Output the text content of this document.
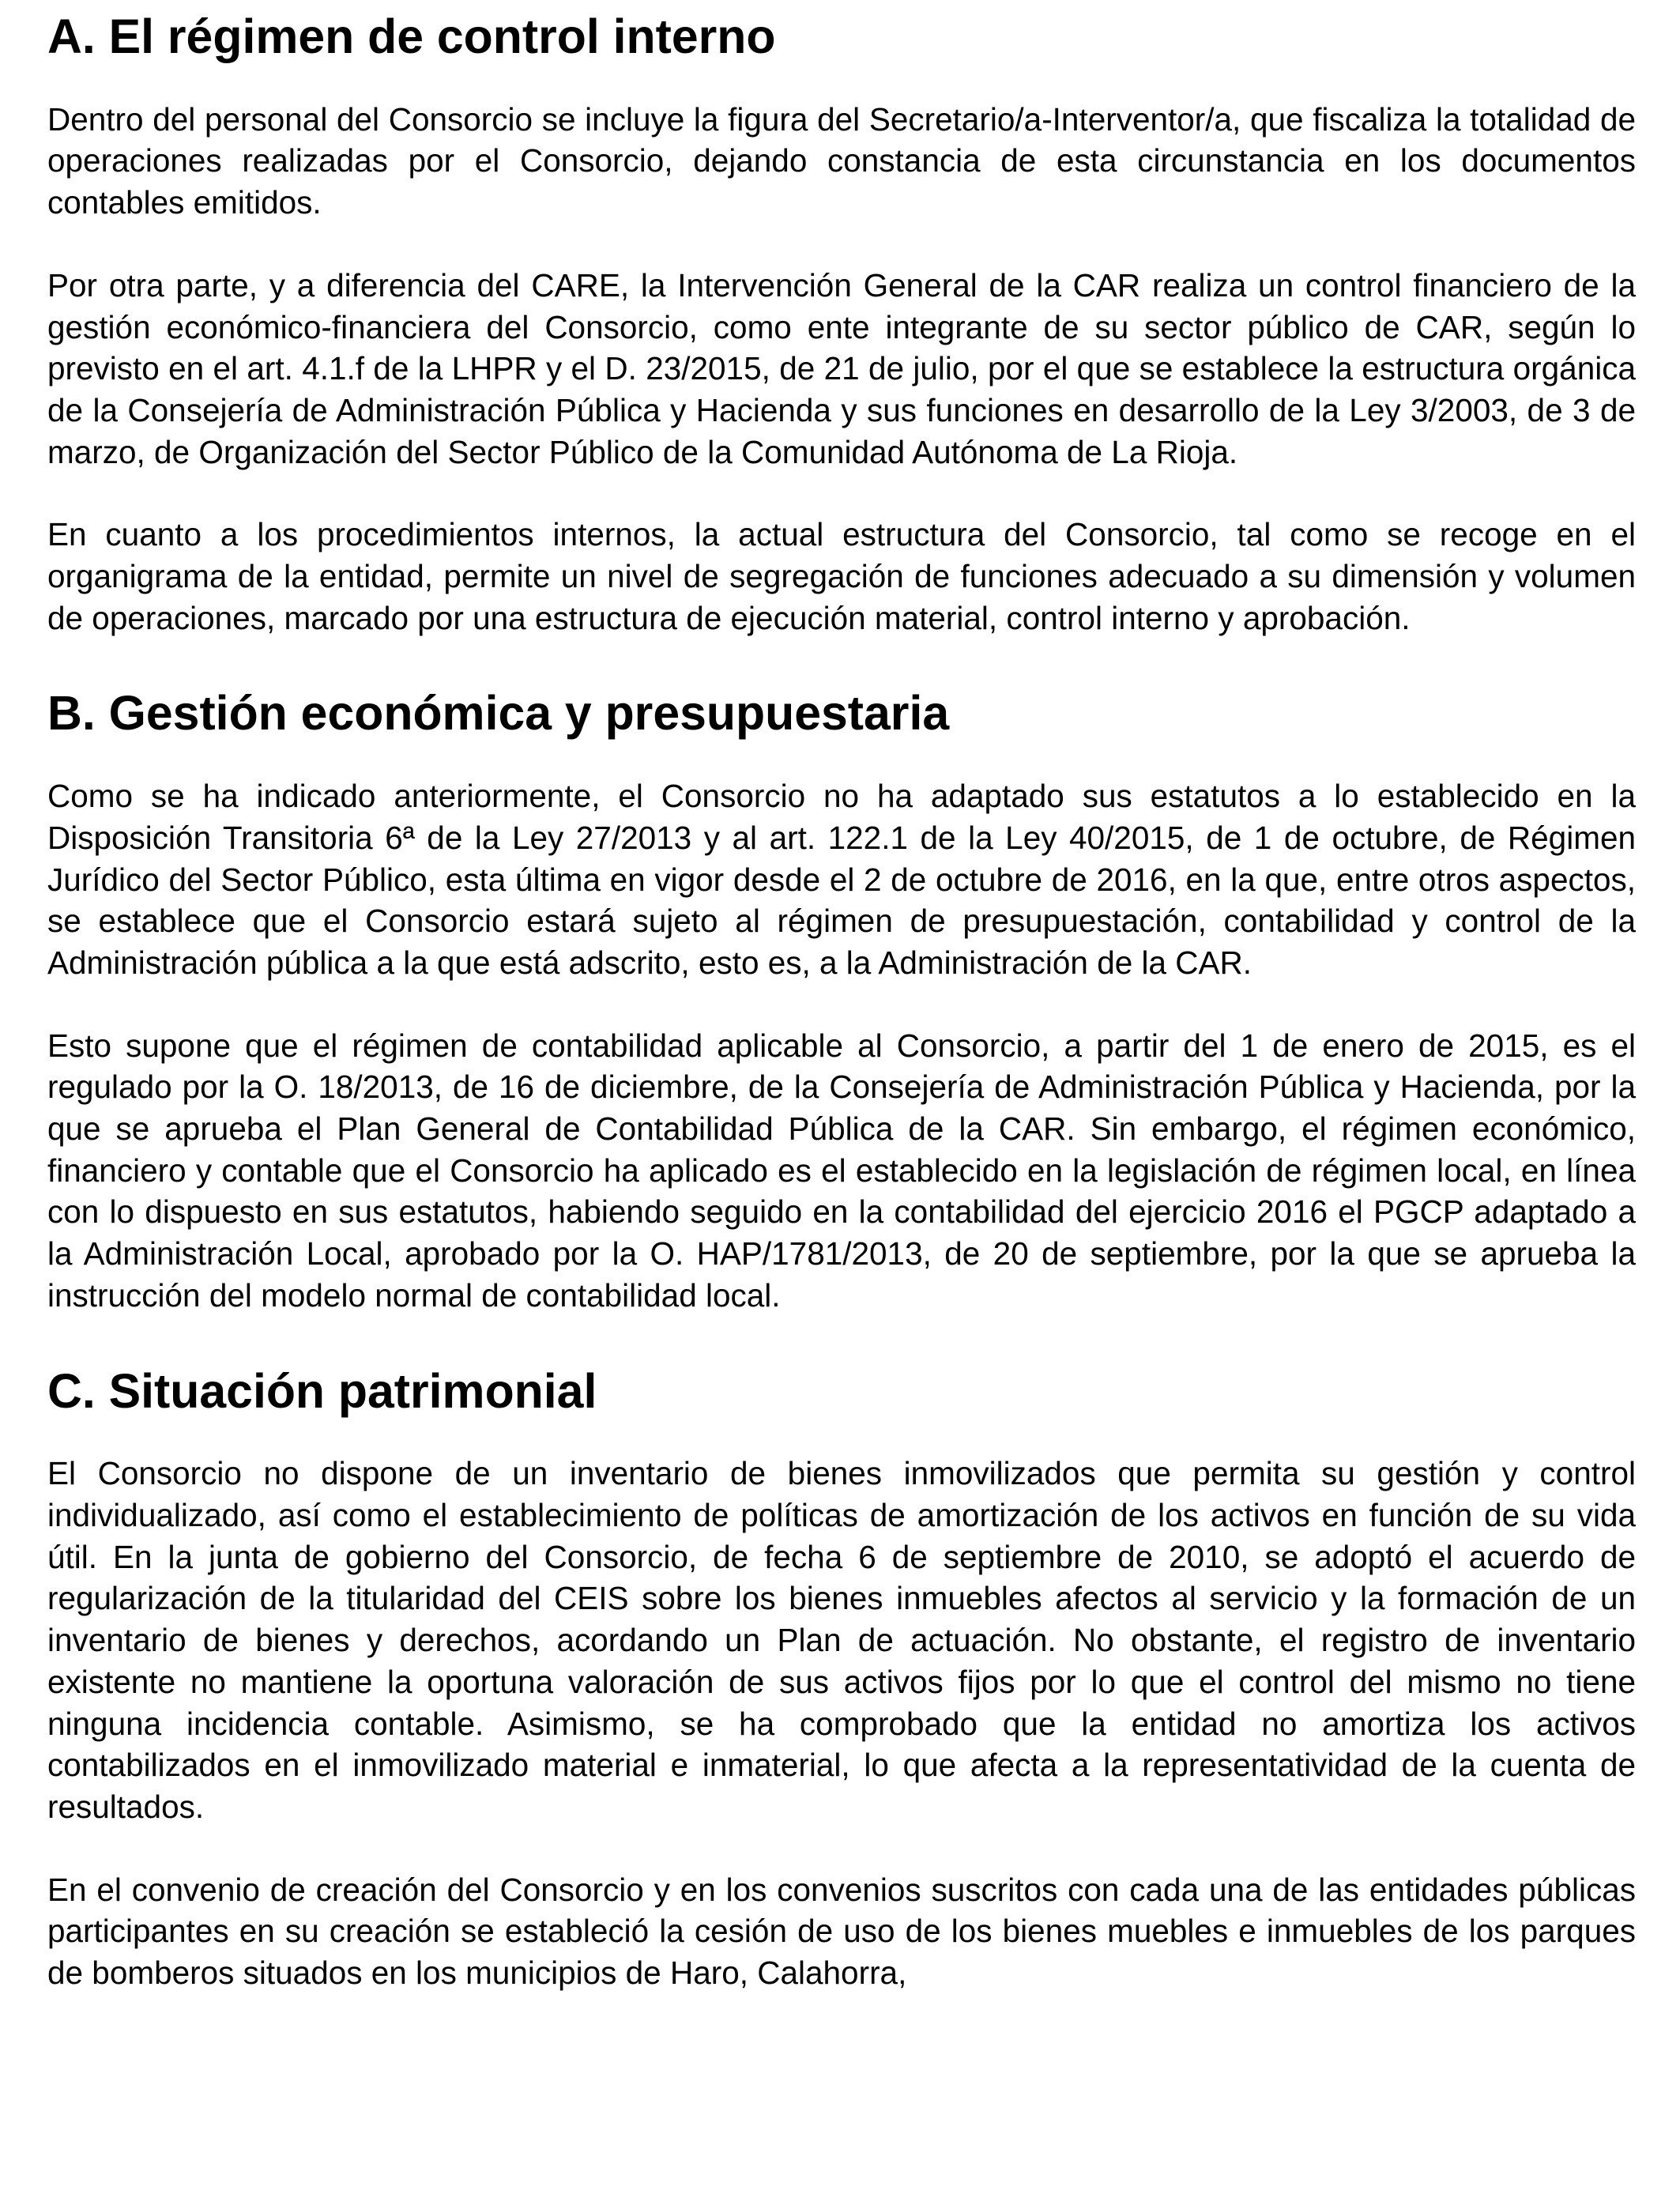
A. El régimen de control interno

Dentro del personal del Consorcio se incluye la figura del Secretario/a-Interventor/a, que fiscaliza la totalidad de operaciones realizadas por el Consorcio, dejando constancia de esta circunstancia en los documentos contables emitidos.

Por otra parte, y a diferencia del CARE, la Intervención General de la CAR realiza un control financiero de la gestión económico-financiera del Consorcio, como ente integrante de su sector público de CAR, según lo previsto en el art. 4.1.f de la LHPR y el D. 23/2015, de 21 de julio, por el que se establece la estructura orgánica de la Consejería de Administración Pública y Hacienda y sus funciones en desarrollo de la Ley 3/2003, de 3 de marzo, de Organización del Sector Público de la Comunidad Autónoma de La Rioja.

En cuanto a los procedimientos internos, la actual estructura del Consorcio, tal como se recoge en el organigrama de la entidad, permite un nivel de segregación de funciones adecuado a su dimensión y volumen de operaciones, marcado por una estructura de ejecución material, control interno y aprobación.

B. Gestión económica y presupuestaria

Como se ha indicado anteriormente, el Consorcio no ha adaptado sus estatutos a lo establecido en la Disposición Transitoria 6ª de la Ley 27/2013 y al art. 122.1 de la Ley 40/2015, de 1 de octubre, de Régimen Jurídico del Sector Público, esta última en vigor desde el 2 de octubre de 2016, en la que, entre otros aspectos, se establece que el Consorcio estará sujeto al régimen de presupuestación, contabilidad y control de la Administración pública a la que está adscrito, esto es, a la Administración de la CAR.

Esto supone que el régimen de contabilidad aplicable al Consorcio, a partir del 1 de enero de 2015, es el regulado por la O. 18/2013, de 16 de diciembre, de la Consejería de Administración Pública y Hacienda, por la que se aprueba el Plan General de Contabilidad Pública de la CAR. Sin embargo, el régimen económico, financiero y contable que el Consorcio ha aplicado es el establecido en la legislación de régimen local, en línea con lo dispuesto en sus estatutos, habiendo seguido en la contabilidad del ejercicio 2016 el PGCP adaptado a la Administración Local, aprobado por la O. HAP/1781/2013, de 20 de septiembre, por la que se aprueba la instrucción del modelo normal de contabilidad local.

C. Situación patrimonial

El Consorcio no dispone de un inventario de bienes inmovilizados que permita su gestión y control individualizado, así como el establecimiento de políticas de amortización de los activos en función de su vida útil. En la junta de gobierno del Consorcio, de fecha 6 de septiembre de 2010, se adoptó el acuerdo de regularización de la titularidad del CEIS sobre los bienes inmuebles afectos al servicio y la formación de un inventario de bienes y derechos, acordando un Plan de actuación. No obstante, el registro de inventario existente no mantiene la oportuna valoración de sus activos fijos por lo que el control del mismo no tiene ninguna incidencia contable. Asimismo, se ha comprobado que la entidad no amortiza los activos contabilizados en el inmovilizado material e inmaterial, lo que afecta a la representatividad de la cuenta de resultados.

En el convenio de creación del Consorcio y en los convenios suscritos con cada una de las entidades públicas participantes en su creación se estableció la cesión de uso de los bienes muebles e inmuebles de los parques de bomberos situados en los municipios de Haro, Calahorra,
